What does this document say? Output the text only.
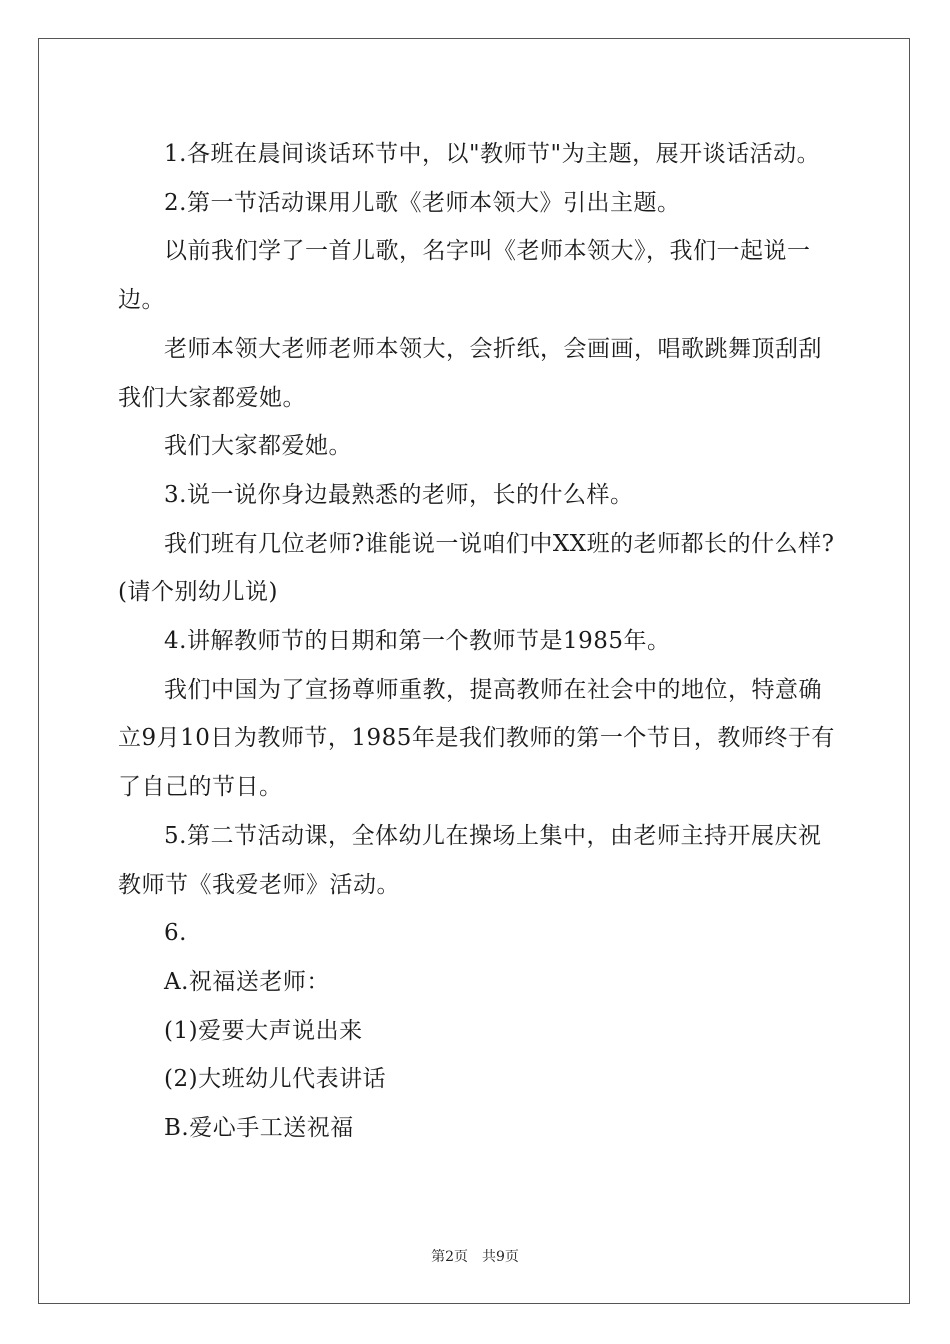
1.各班在晨间谈话环节中，以"教师节"为主题，展开谈话活动。

2.第一节活动课用儿歌《老师本领大》引出主题。

以前我们学了一首儿歌，名字叫《老师本领大》，我们一起说一边。

老师本领大老师老师本领大，会折纸，会画画，唱歌跳舞顶刮刮我们大家都爱她。

我们大家都爱她。

3.说一说你身边最熟悉的老师，长的什么样。

我们班有几位老师?谁能说一说咱们中XX班的老师都长的什么样?(请个别幼儿说)

4.讲解教师节的日期和第一个教师节是1985年。

我们中国为了宣扬尊师重教，提高教师在社会中的地位，特意确立9月10日为教师节，1985年是我们教师的第一个节日，教师终于有了自己的节日。

5.第二节活动课，全体幼儿在操场上集中，由老师主持开展庆祝教师节《我爱老师》活动。

6.

A.祝福送老师：

(1)爱要大声说出来

(2)大班幼儿代表讲话

B.爱心手工送祝福

第2页　共9页
